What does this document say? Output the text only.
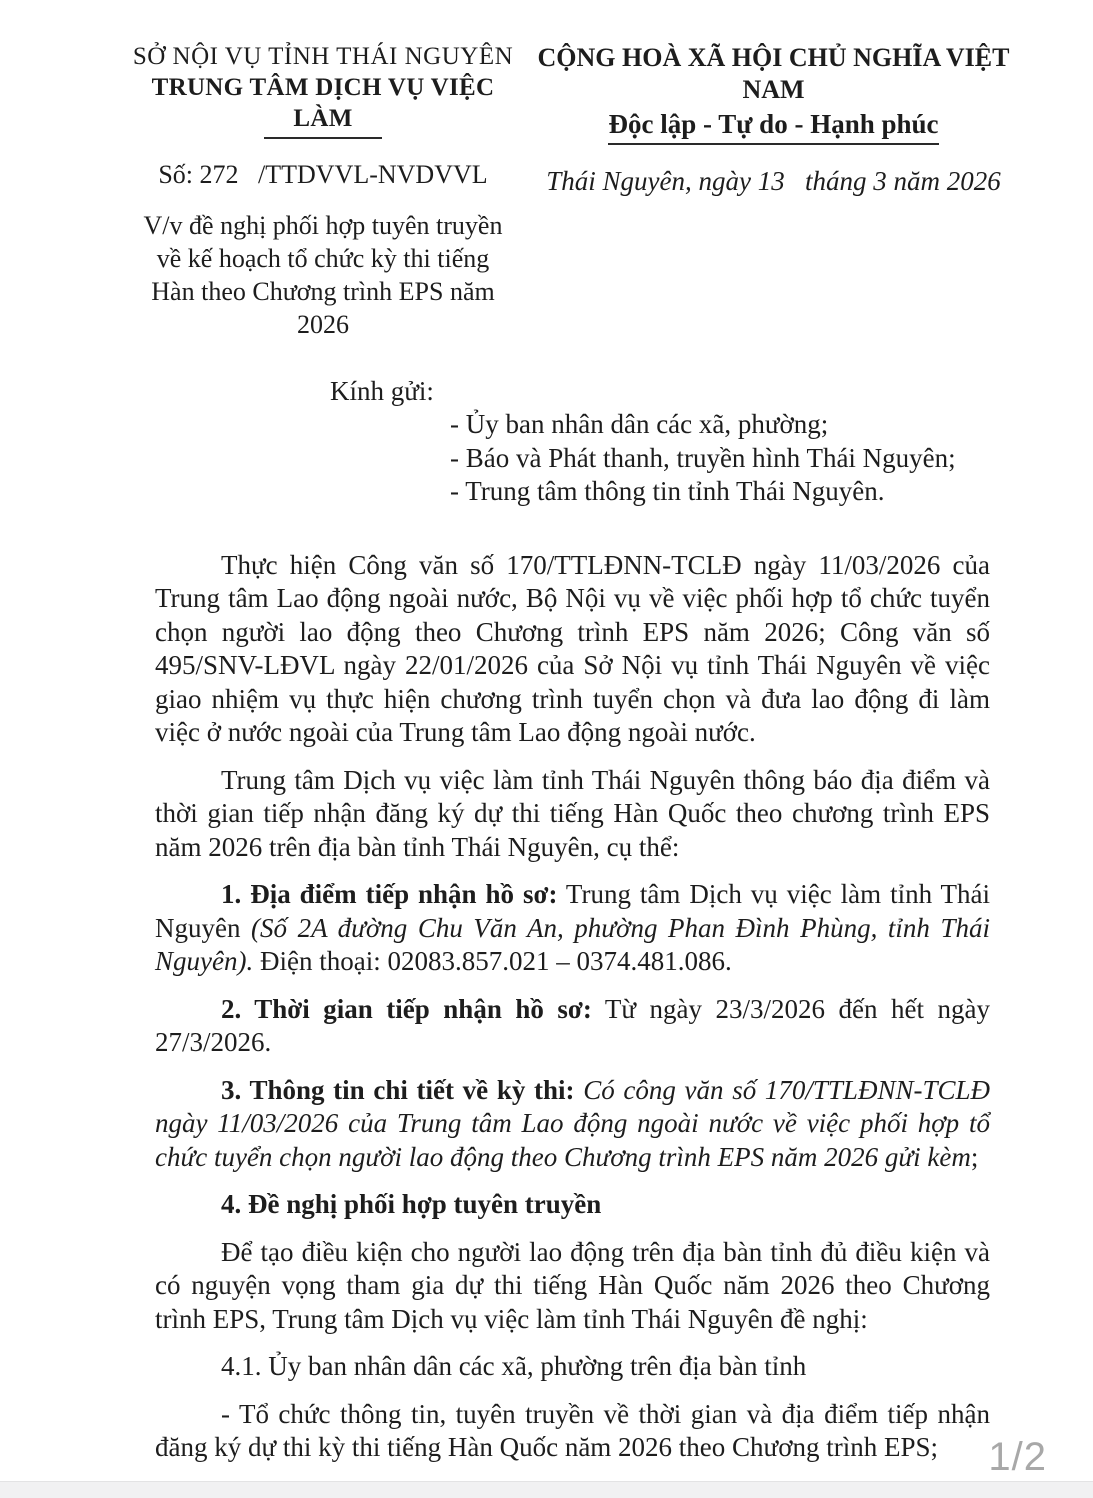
SỞ NỘI VỤ TỈNH THÁI NGUYÊN
TRUNG TÂM DỊCH VỤ VIỆC LÀM
Số: 272   /TTDVVL-NVDVVL
V/v đề nghị phối hợp tuyên truyền về kế hoạch tổ chức kỳ thi tiếng Hàn theo Chương trình EPS năm 2026
CỘNG HOÀ XÃ HỘI CHỦ NGHĨA VIỆT NAM
Độc lập - Tự do - Hạnh phúc
Thái Nguyên, ngày 13   tháng 3 năm 2026
Kính gửi:
- Ủy ban nhân dân các xã, phường;
- Báo và Phát thanh, truyền hình Thái Nguyên;
- Trung tâm thông tin tỉnh Thái Nguyên.

Thực hiện Công văn số 170/TTLĐNN-TCLĐ ngày 11/03/2026 của Trung tâm Lao động ngoài nước, Bộ Nội vụ về việc phối hợp tổ chức tuyển chọn người lao động theo Chương trình EPS năm 2026; Công văn số 495/SNV-LĐVL ngày 22/01/2026 của Sở Nội vụ tỉnh Thái Nguyên về việc giao nhiệm vụ thực hiện chương trình tuyển chọn và đưa lao động đi làm việc ở nước ngoài của Trung tâm Lao động ngoài nước.

Trung tâm Dịch vụ việc làm tỉnh Thái Nguyên thông báo địa điểm và thời gian tiếp nhận đăng ký dự thi tiếng Hàn Quốc theo chương trình EPS năm 2026 trên địa bàn tỉnh Thái Nguyên, cụ thể:

1. Địa điểm tiếp nhận hồ sơ: Trung tâm Dịch vụ việc làm tỉnh Thái Nguyên (Số 2A đường Chu Văn An, phường Phan Đình Phùng, tỉnh Thái Nguyên). Điện thoại: 02083.857.021 – 0374.481.086.

2. Thời gian tiếp nhận hồ sơ: Từ ngày 23/3/2026 đến hết ngày 27/3/2026.

3. Thông tin chi tiết về kỳ thi: Có công văn số 170/TTLĐNN-TCLĐ ngày 11/03/2026 của Trung tâm Lao động ngoài nước về việc phối hợp tổ chức tuyển chọn người lao động theo Chương trình EPS năm 2026 gửi kèm;

4. Đề nghị phối hợp tuyên truyền

Để tạo điều kiện cho người lao động trên địa bàn tỉnh đủ điều kiện và có nguyện vọng tham gia dự thi tiếng Hàn Quốc năm 2026 theo Chương trình EPS, Trung tâm Dịch vụ việc làm tỉnh Thái Nguyên đề nghị:

4.1. Ủy ban nhân dân các xã, phường trên địa bàn tỉnh

- Tổ chức thông tin, tuyên truyền về thời gian và địa điểm tiếp nhận đăng ký dự thi kỳ thi tiếng Hàn Quốc năm 2026 theo Chương trình EPS;	1/2
